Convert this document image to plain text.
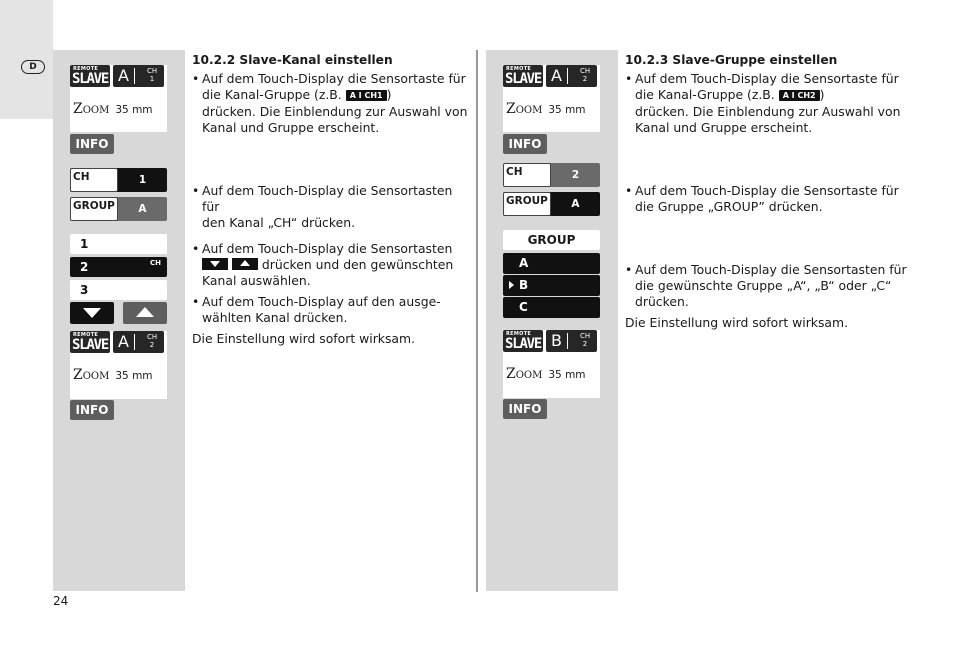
D
24
REMOTE
SLAVE A	CH
1
ZOOM 35 mm
INFO
CH	1
GROUP	A
1
2	CH
3
REMOTE
SLAVE A	CH
2
ZOOM 35 mm
INFO
10.2.2 Slave-Kanal einstellen
• Auf dem Touch-Display die Sensortaste für
die Kanal-Gruppe (z.B. A I CH1 )
drücken. Die Einblendung zur Auswahl von
Kanal und Gruppe erscheint.
• Auf dem Touch-Display die Sensortasten für
den Kanal „CH“ drücken.
• Auf dem Touch-Display die Sensortasten

drücken und den gewünschten
Kanal auswählen.
• Auf dem Touch-Display auf den ausge-
wählten Kanal drücken.
Die Einstellung wird sofort wirksam.
REMOTE
SLAVE A	CH
2
ZOOM 35 mm
INFO
CH	2
GROUP	A
GROUP
A
B
C
REMOTE
SLAVE B	CH
2
ZOOM 35 mm
INFO
10.2.3 Slave-Gruppe einstellen
• Auf dem Touch-Display die Sensortaste für
die Kanal-Gruppe (z.B. A I CH2 )
drücken. Die Einblendung zur Auswahl von
Kanal und Gruppe erscheint.
• Auf dem Touch-Display die Sensortaste für
die Gruppe „GROUP” drücken.
• Auf dem Touch-Display die Sensortasten für
die gewünschte Gruppe „A“, „B“ oder „C“
drücken.
Die Einstellung wird sofort wirksam.
